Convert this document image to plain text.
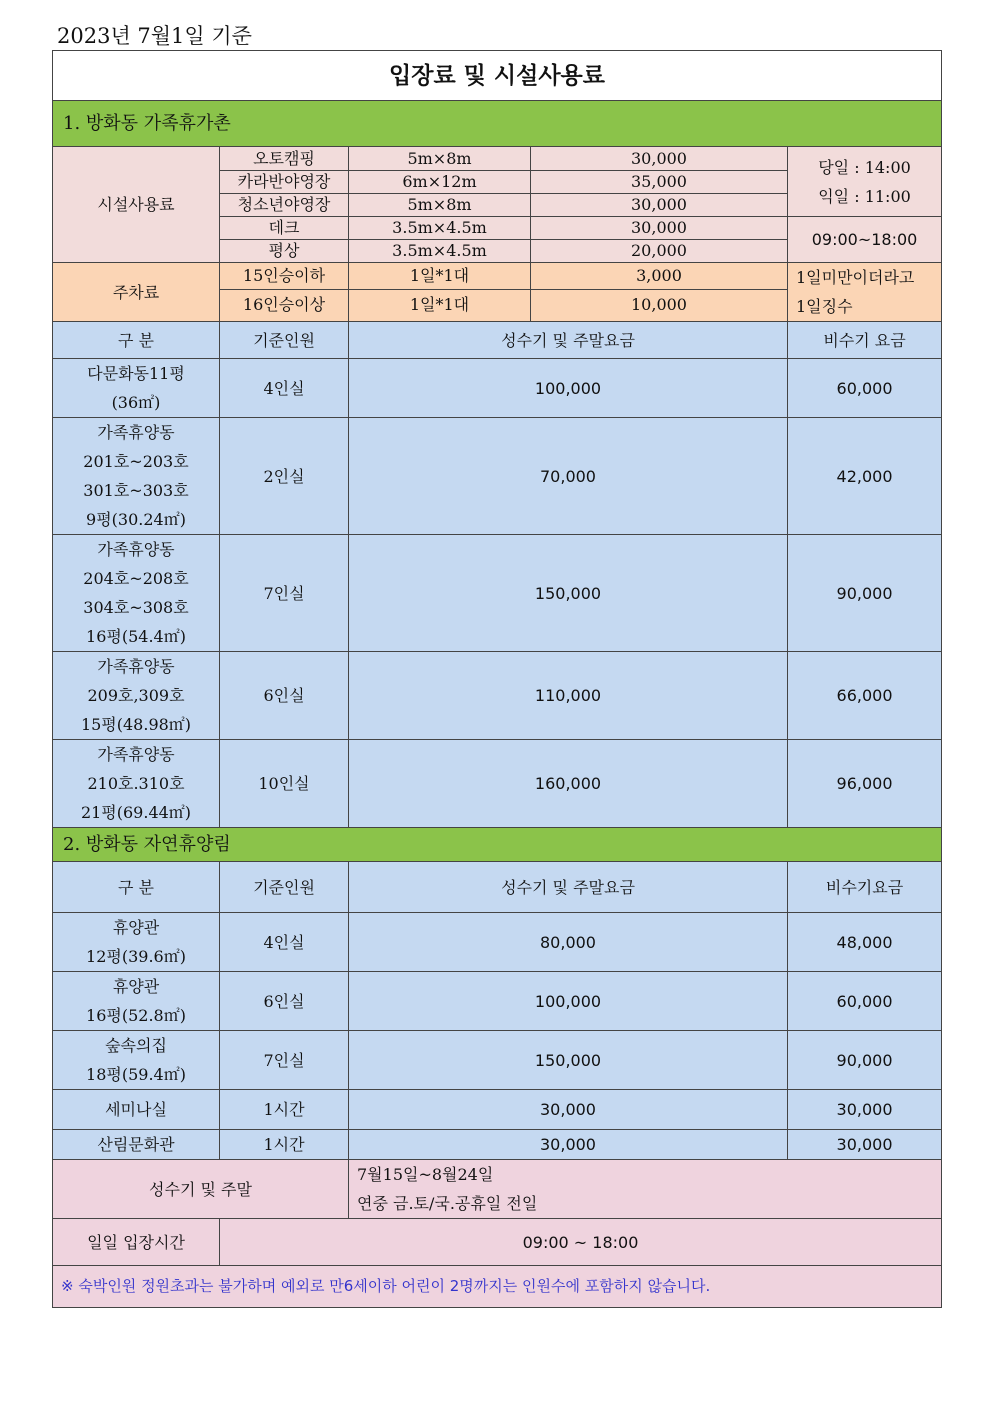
2023년 7월1일 기준
입장료 및 시설사용료				
1. 방화동 가족휴가촌				
시설사용료	오토캠핑	5m×8m	30,000	당일 : 14:00
익일 : 11:00

	카라반야영장	6m×12m	35,000	
	청소년야영장	5m×8m	30,000	
	데크	3.5m×4.5m	30,000	09:00~18:00
	평상	3.5m×4.5m	20,000	
주차료	15인승이하	1일*1대	3,000	1일미만이더라고
1일징수

	16인승이상	1일*1대	10,000	
구 분	기준인원	성수기 및 주말요금		비수기 요금

다문화동11평
(36㎡)	4인실	100,000		60,000

가족휴양동
201호~203호
301호~303호
9평(30.24㎡)	2인실	70,000		42,000

가족휴양동
204호~208호
304호~308호
16평(54.4㎡)	7인실	150,000		90,000

가족휴양동
209호,309호
15평(48.98㎡)	6인실	110,000		66,000

가족휴양동
210호.310호
21평(69.44㎡)	10인실	160,000		96,000
2. 방화동 자연휴양림				
구 분	기준인원	성수기 및 주말요금		비수기요금

휴양관
12평(39.6㎡)	4인실	80,000		48,000

휴양관
16평(52.8㎡)	6인실	100,000		60,000

숲속의집
18평(59.4㎡)	7인실	150,000		90,000

세미나실	1시간	30,000		30,000

산림문화관	1시간	30,000		30,000
성수기 및 주말		7월15일~8월24일
연중 금.토/국.공휴일 전일		

일일 입장시간	09:00 ~ 18:00			
※ 숙박인원 정원초과는 불가하며 예외로 만6세이하 어린이 2명까지는 인원수에 포함하지 않습니다.				
